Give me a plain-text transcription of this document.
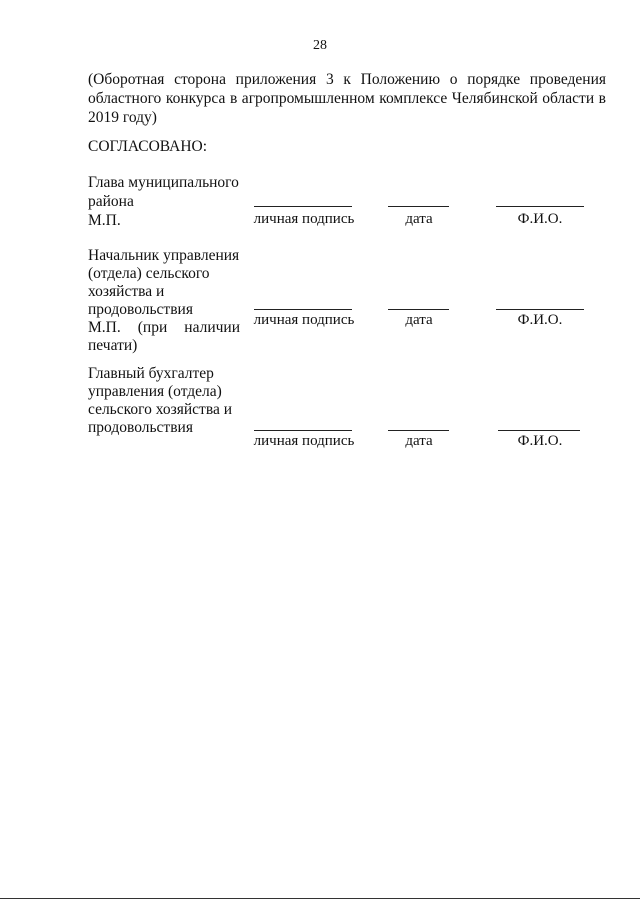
28
(Оборотная сторона приложения 3 к Положению о порядке проведения областного конкурса в агропромышленном комплексе Челябинской области в 2019 году)
СОГЛАСОВАНО:
Глава муниципального
района
М.П.	личная подпись	дата	Ф.И.О.
Начальник управления
(отдела) сельского
хозяйства и
продовольствия
М.П. (при наличии
печати)
личная подпись	дата	Ф.И.О.
Главный бухгалтер
управления (отдела)
сельского хозяйства и
продовольствия
личная подпись	дата	Ф.И.О.
